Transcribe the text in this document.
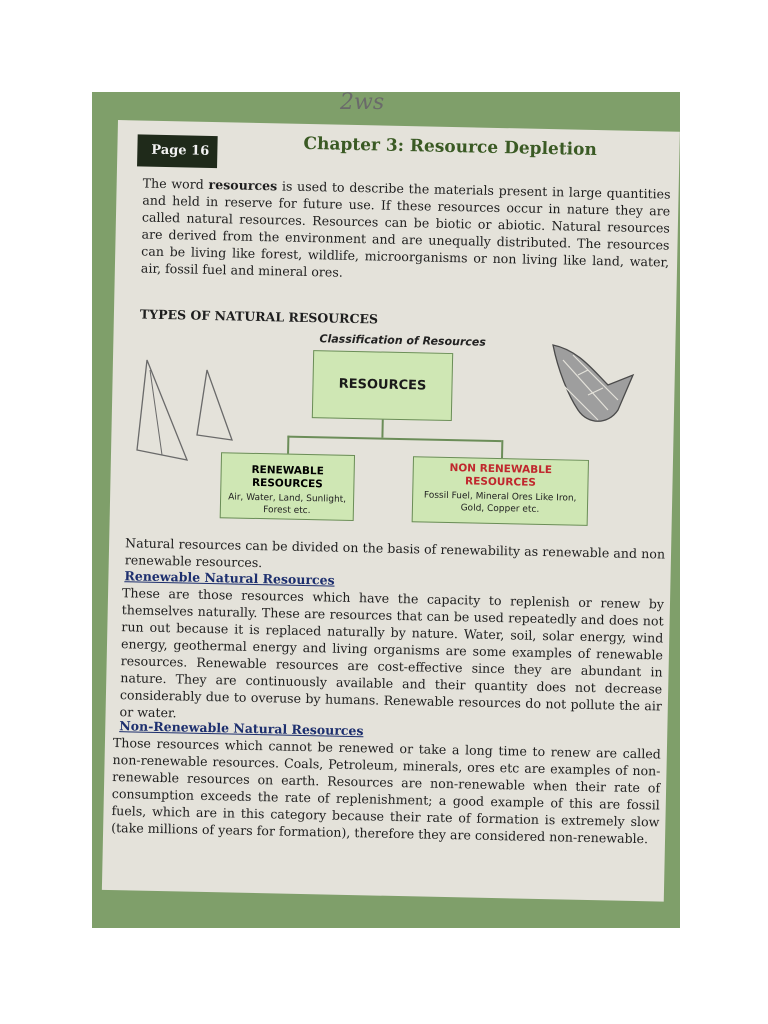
2ws
Page 16	Chapter 3: Resource Depletion
The word resources is used to describe the materials present in large quantities and held in reserve for future use. If these resources occur in nature they are called natural resources. Resources can be biotic or abiotic. Natural resources are derived from the environment and are unequally distributed. The resources can be living like forest, wildlife, microorganisms or non living like land, water, air, fossil fuel and mineral ores.
TYPES OF NATURAL RESOURCES
Classification of Resources
RESOURCES
RENEWABLE RESOURCES
Air, Water, Land, Sunlight, Forest etc.
NON RENEWABLE RESOURCES
Fossil Fuel, Mineral Ores Like Iron, Gold, Copper etc.
Natural resources can be divided on the basis of renewability as renewable and non renewable resources.
Renewable Natural Resources
These are those resources which have the capacity to replenish or renew by themselves naturally. These are resources that can be used repeatedly and does not run out because it is replaced naturally by nature. Water, soil, solar energy, wind energy, geothermal energy and living organisms are some examples of renewable resources. Renewable resources are cost-effective since they are abundant in nature. They are continuously available and their quantity does not decrease considerably due to overuse by humans. Renewable resources do not pollute the air or water.
Non-Renewable Natural Resources
Those resources which cannot be renewed or take a long time to renew are called non-renewable resources. Coals, Petroleum, minerals, ores etc are examples of non-renewable resources on earth. Resources are non-renewable when their rate of consumption exceeds the rate of replenishment; a good example of this are fossil fuels, which are in this category because their rate of formation is extremely slow (take millions of years for formation), therefore they are considered non-renewable.
